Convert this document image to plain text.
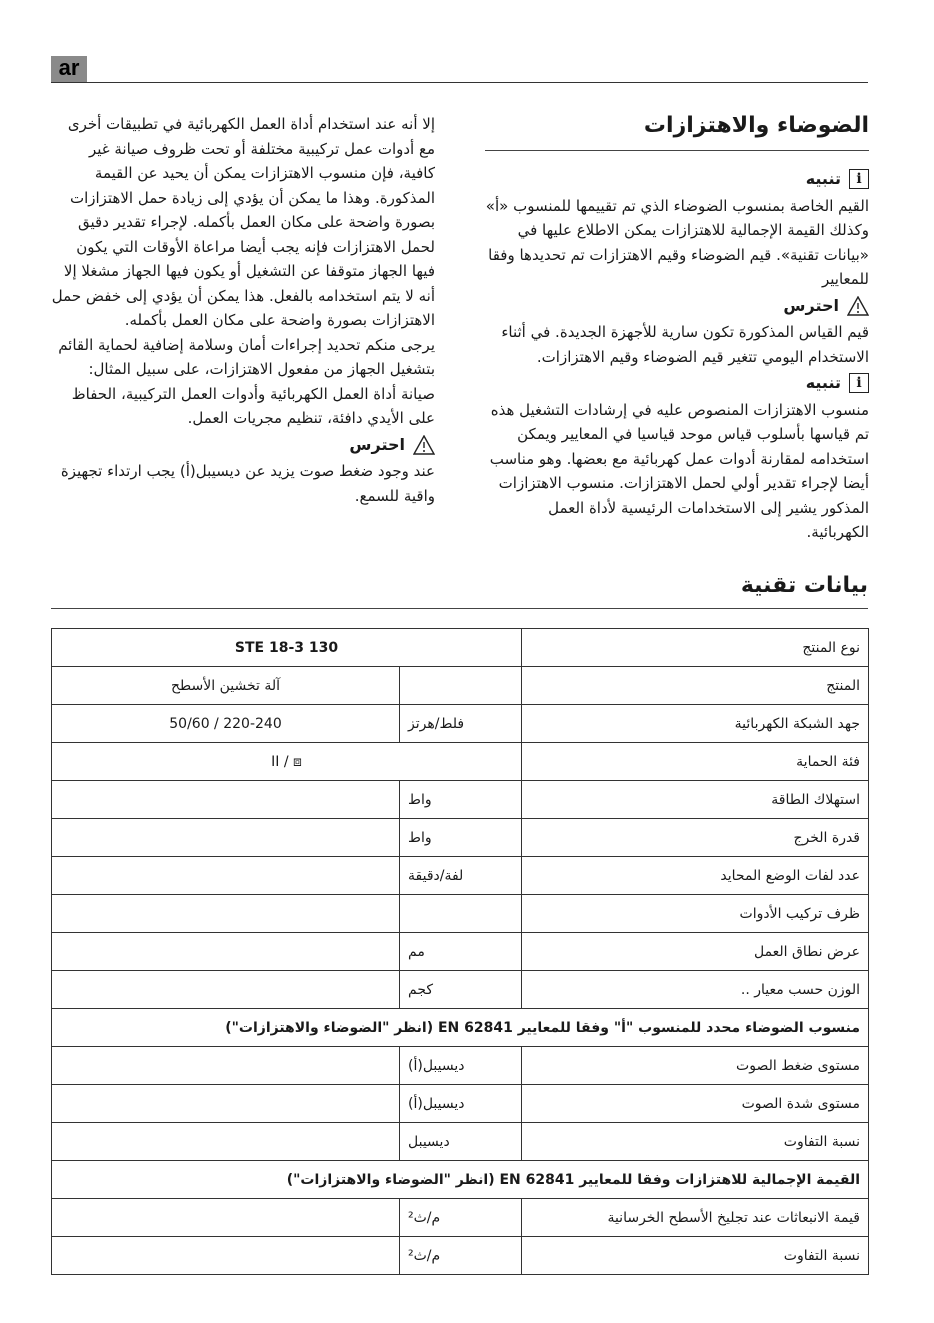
ar
الضوضاء والاهتزازات
i
تنبيه

القيم الخاصة بمنسوب الضوضاء الذي تم تقييمها للمنسوب «أ» وكذلك القيمة الإجمالية للاهتزازات يمكن الاطلاع عليها في «بيانات تقنية». قيم الضوضاء وقيم الاهتزازات تم تحديدها وفقا للمعايير

احترس

قيم القياس المذكورة تكون سارية للأجهزة الجديدة. في أثناء الاستخدام اليومي تتغير قيم الضوضاء وقيم الاهتزازات.

i
تنبيه

منسوب الاهتزازات المنصوص عليه في إرشادات التشغيل هذه تم قياسها بأسلوب قياس موحد قياسيا في المعايير ويمكن استخدامه لمقارنة أدوات عمل كهربائية مع بعضها. وهو مناسب أيضا لإجراء تقدير أولي لحمل الاهتزازات. منسوب الاهتزازات المذكور يشير إلى الاستخدامات الرئيسية لأداة العمل الكهربائية.

إلا أنه عند استخدام أداة العمل الكهربائية في تطبيقات أخرى مع أدوات عمل تركيبية مختلفة أو تحت ظروف صيانة غير كافية، فإن منسوب الاهتزازات يمكن أن يحيد عن القيمة المذكورة. وهذا ما يمكن أن يؤدي إلى زيادة حمل الاهتزازات بصورة واضحة على مكان العمل بأكمله. لإجراء تقدير دقيق لحمل الاهتزازات فإنه يجب أيضا مراعاة الأوقات التي يكون فيها الجهاز متوقفا عن التشغيل أو يكون فيها الجهاز مشغلا إلا أنه لا يتم استخدامه بالفعل. هذا يمكن أن يؤدي إلى خفض حمل الاهتزازات بصورة واضحة على مكان العمل بأكمله.

يرجى منكم تحديد إجراءات أمان وسلامة إضافية لحماية القائم بتشغيل الجهاز من مفعول الاهتزازات، على سبيل المثال: صيانة أداة العمل الكهربائية وأدوات العمل التركيبية، الحفاظ على الأيدي دافئة، تنظيم مجريات العمل.

احترس

عند وجود ضغط صوت يزيد عن ديسيبل(أ) يجب ارتداء تجهيزة واقية للسمع.

بيانات تقنية
نوع المنتج	STE 18-3 130	
المنتج		آلة تخشين الأسطح
جهد الشبكة الكهربائية	فلط/هرتز	50/60 / 220-240
فئة الحماية	II / ⧈	
استهلاك الطاقة	واط	
قدرة الخرج	واط	
عدد لفات الوضع المحايد	لفة/دقيقة	
ظرف تركيب الأدوات		
عرض نطاق العمل	مم	
الوزن حسب معيار ..	كجم	
منسوب الضوضاء محدد للمنسوب "أ" وفقا للمعايير EN 62841 (انظر "الضوضاء والاهتزازات")		
مستوى ضغط الصوت	ديسيبل(أ)	
مستوى شدة الصوت	ديسيبل(أ)	
نسبة التفاوت	ديسيبل	
القيمة الإجمالية للاهتزازات وفقا للمعايير EN 62841 (انظر "الضوضاء والاهتزازات")		
قيمة الانبعاثات عند تجليخ الأسطح الخرسانية	م/ث²	
نسبة التفاوت	م/ث²	
